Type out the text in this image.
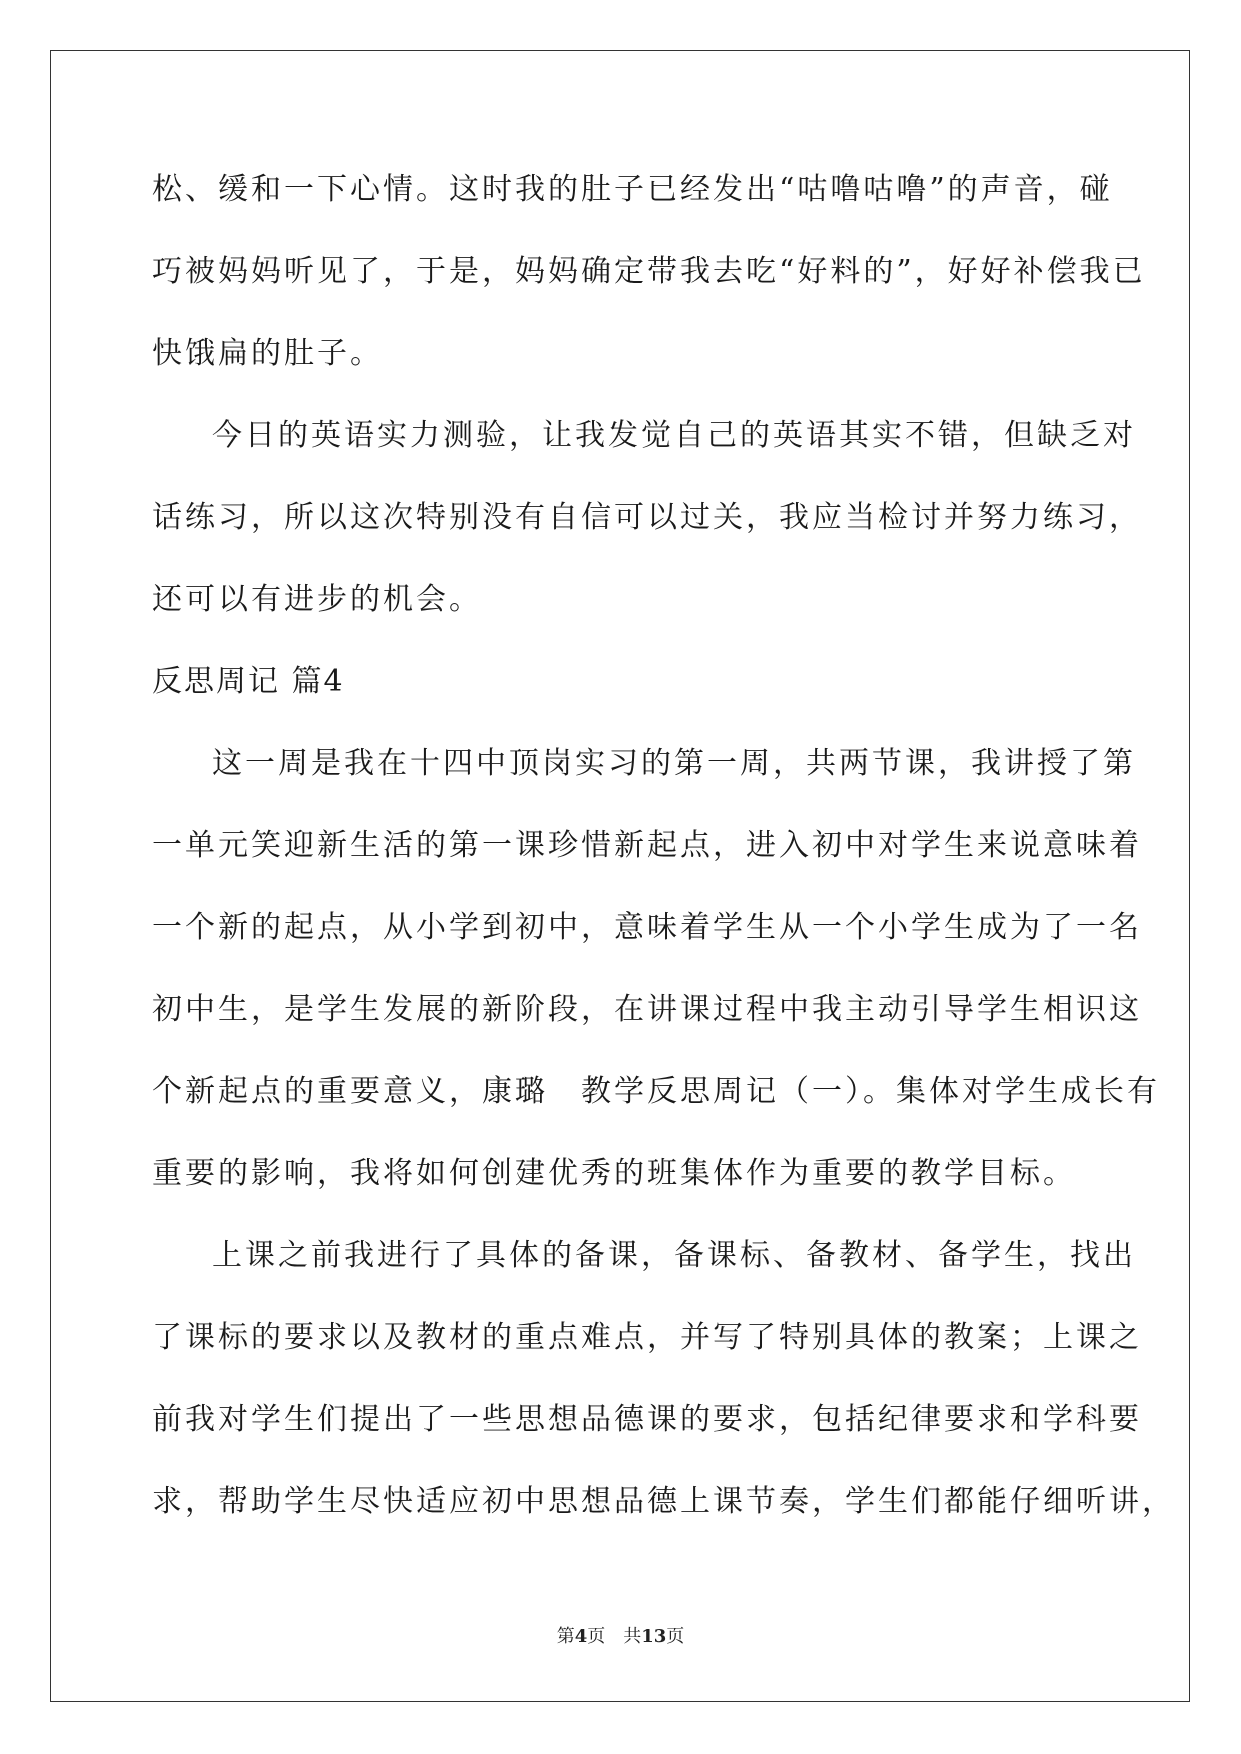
松、缓和一下心情。这时我的肚子已经发出“咕噜咕噜”的声音，碰
巧被妈妈听见了，于是，妈妈确定带我去吃“好料的”，好好补偿我已
快饿扁的肚子。
今日的英语实力测验，让我发觉自己的英语其实不错，但缺乏对
话练习，所以这次特别没有自信可以过关，我应当检讨并努力练习，
还可以有进步的机会。
反思周记 篇4
这一周是我在十四中顶岗实习的第一周，共两节课，我讲授了第
一单元笑迎新生活的第一课珍惜新起点，进入初中对学生来说意味着
一个新的起点，从小学到初中，意味着学生从一个小学生成为了一名
初中生，是学生发展的新阶段，在讲课过程中我主动引导学生相识这
个新起点的重要意义，康璐　教学反思周记（一）。集体对学生成长有
重要的影响，我将如何创建优秀的班集体作为重要的教学目标。
上课之前我进行了具体的备课，备课标、备教材、备学生，找出
了课标的要求以及教材的重点难点，并写了特别具体的教案；上课之
前我对学生们提出了一些思想品德课的要求，包括纪律要求和学科要
求，帮助学生尽快适应初中思想品德上课节奏，学生们都能仔细听讲，
第4页　共13页
